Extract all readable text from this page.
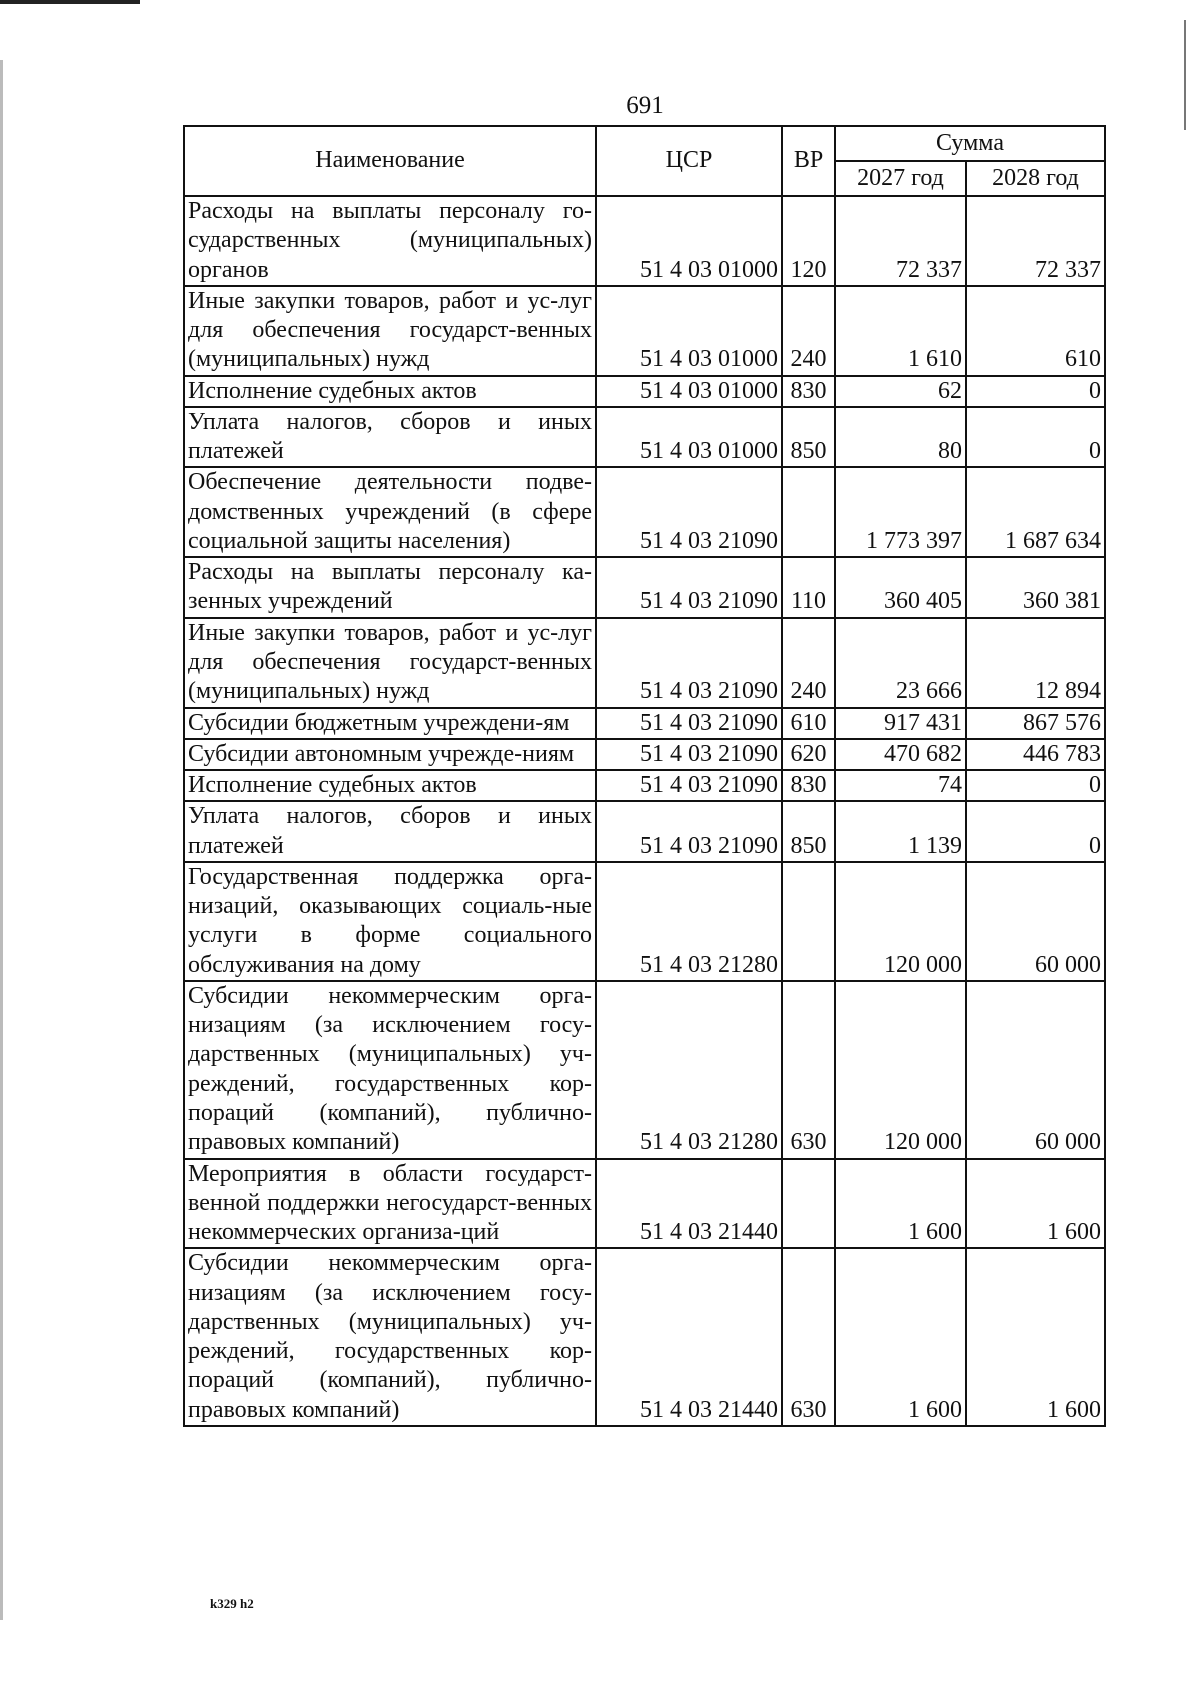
691
Наименование	ЦСР	ВР	Сумма	
			2027 год	2028 год
Расходы на выплаты персоналу го-сударственных (муниципальных) органов	51 4 03 01000	120	72 337	72 337
Иные закупки товаров, работ и ус-луг для обеспечения государст-венных (муниципальных) нужд	51 4 03 01000	240	1 610	610
Исполнение судебных актов	51 4 03 01000	830	62	0
Уплата налогов, сборов и иных платежей	51 4 03 01000	850	80	0
Обеспечение деятельности подве-домственных учреждений (в сфере социальной защиты населения)	51 4 03 21090		1 773 397	1 687 634
Расходы на выплаты персоналу ка-зенных учреждений	51 4 03 21090	110	360 405	360 381
Иные закупки товаров, работ и ус-луг для обеспечения государст-венных (муниципальных) нужд	51 4 03 21090	240	23 666	12 894
Субсидии бюджетным учреждени-ям	51 4 03 21090	610	917 431	867 576
Субсидии автономным учрежде-ниям	51 4 03 21090	620	470 682	446 783
Исполнение судебных актов	51 4 03 21090	830	74	0
Уплата налогов, сборов и иных платежей	51 4 03 21090	850	1 139	0
Государственная поддержка орга-низаций, оказывающих социаль-ные услуги в форме социального обслуживания на дому	51 4 03 21280		120 000	60 000
Субсидии некоммерческим орга-низациям (за исключением госу-дарственных (муниципальных) уч-реждений, государственных кор-пораций (компаний), публично-правовых компаний)	51 4 03 21280	630	120 000	60 000
Мероприятия в области государст-венной поддержки негосударст-венных некоммерческих организа-ций	51 4 03 21440		1 600	1 600
Субсидии некоммерческим орга-низациям (за исключением госу-дарственных (муниципальных) уч-реждений, государственных кор-пораций (компаний), публично-правовых компаний)	51 4 03 21440	630	1 600	1 600
k329 h2
